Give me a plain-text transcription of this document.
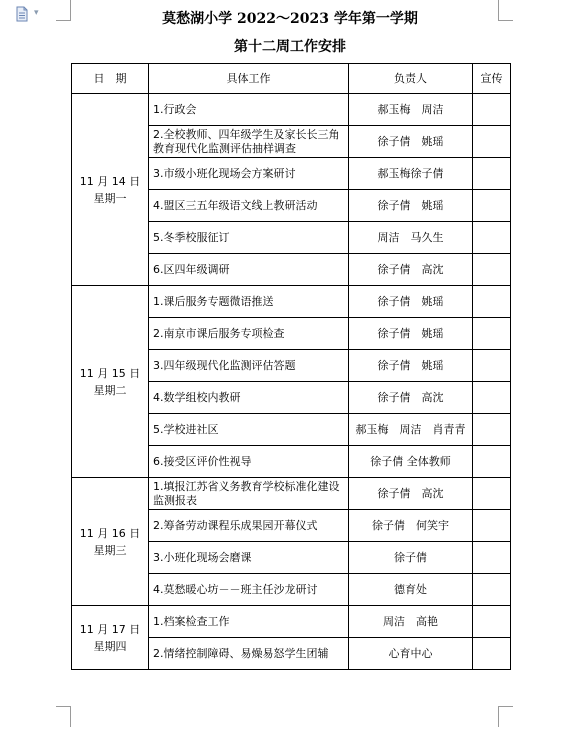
▾	莫愁湖小学 2022～2023 学年第一学期
第十二周工作安排
日　期	具体工作	负责人	宣传

11 月 14 日
星期一	1.行政会	郝玉梅　周洁	
	2.全校教师、四年级学生及家长长三角教育现代化监测评估抽样调查	徐子倩　姚瑶	
	3.市级小班化现场会方案研讨	郝玉梅徐子倩	
	4.盟区三五年级语文线上教研活动	徐子倩　姚瑶	
	5.冬季校服征订	周洁　马久生	
	6.区四年级调研	徐子倩　高沈	

11 月 15 日
星期二	1.课后服务专题微语推送	徐子倩　姚瑶	
	2.南京市课后服务专项检查	徐子倩　姚瑶	
	3.四年级现代化监测评估答题	徐子倩　姚瑶	
	4.数学组校内教研	徐子倩　高沈	
	5.学校进社区	郝玉梅　周洁　肖青青	
	6.接受区评价性视导	徐子倩 全体教师	

11 月 16 日
星期三	1.填报江苏省义务教育学校标准化建设监测报表	徐子倩　高沈	
	2.筹备劳动课程乐成果园开幕仪式	徐子倩　何笑宇	
	3.小班化现场会磨课	徐子倩	
	4.莫愁暖心坊－－班主任沙龙研讨	德育处	

11 月 17 日
星期四	1.档案检查工作	周洁　高艳	
	2.情绪控制障碍、易燥易怒学生团辅	心育中心	
